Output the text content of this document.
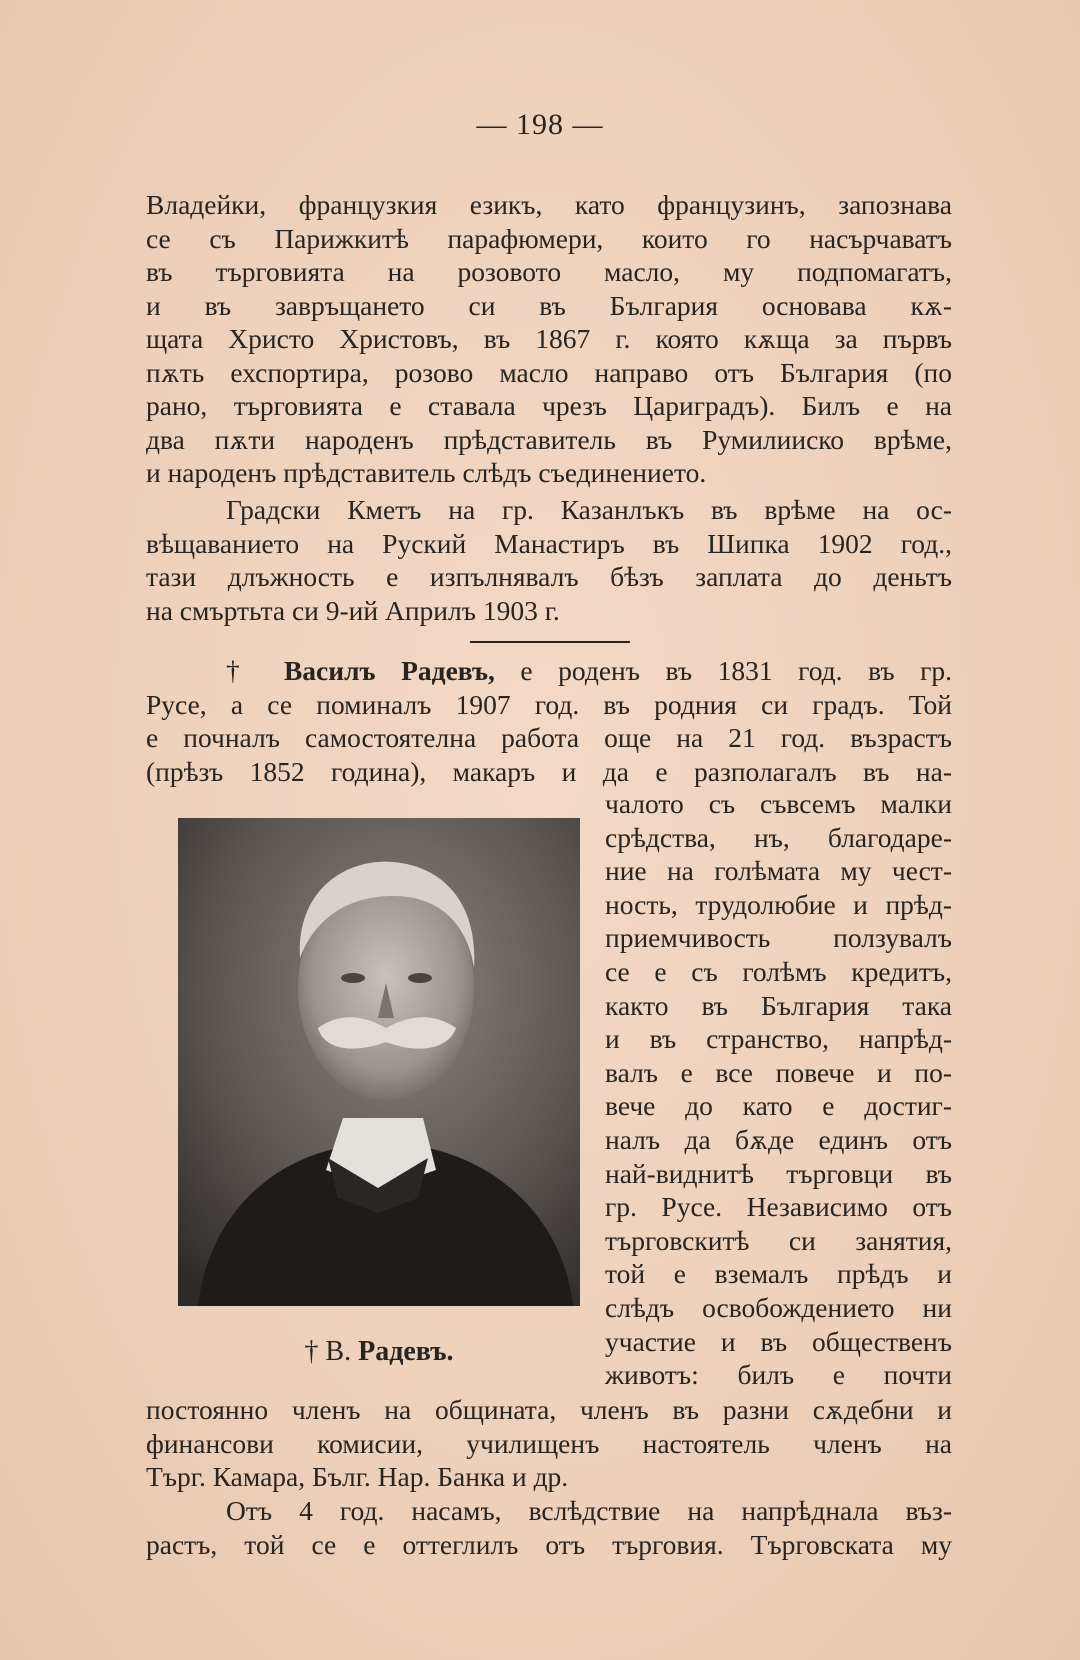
— 198 —
Владейки, французкия езикъ, като французинъ, запознава
се съ Парижкитѣ парафюмери, които го насърчаватъ
въ търговията на розовото масло, му подпомагатъ,
и въ завръщането си въ България основава кѫ-
щата Христо Христовъ, въ 1867 г. която кѫща за първъ
пѫть ехспортира, розово масло направо отъ България (по
рано, търговията е ставала чрезъ Цариградъ). Билъ е на
два пѫти народенъ прѣдставитель въ Румилииско врѣме,
и народенъ прѣдставитель слѣдъ съединението.
Градски Кметъ на гр. Казанлъкъ въ врѣме на ос-
вѣщаванието на Руский Манастиръ въ Шипка 1902 год.,
тази длъжность е изпълнявалъ бѣзъ заплата до деньтъ
на смъртьта си 9-ий Априлъ 1903 г.
† Василъ Радевъ, е роденъ въ 1831 год. въ гр.
Русе, а се поминалъ 1907 год. въ родния си градъ. Той
е почналъ самостоятелна работа още на 21 год. възрастъ
(прѣзъ 1852 година), макаръ и да е разполагалъ въ на-
† В. Радевъ.
чалото съ съвсемъ малки
срѣдства, нъ, благодаре-
ние на голѣмата му чест-
ность, трудолюбие и прѣд-
приемчивость ползувалъ
се е съ голѣмъ кредитъ,
както въ България така
и въ странство, напрѣд-
валъ е все повече и по-
вече до като е достиг-
налъ да бѫде единъ отъ
най-виднитѣ търговци въ
гр. Русе. Независимо отъ
търговскитѣ си занятия,
той е вземалъ прѣдъ и
слѣдъ освобождението ни
участие и въ общественъ
животъ: билъ е почти
постоянно членъ на общината, членъ въ разни сѫдебни и
финансови комисии, училищенъ настоятель членъ на
Търг. Камара, Бълг. Нар. Банка и др.
Отъ 4 год. насамъ, вслѣдствие на напрѣднала въз-
растъ, той се е оттеглилъ отъ търговия. Търговската му
